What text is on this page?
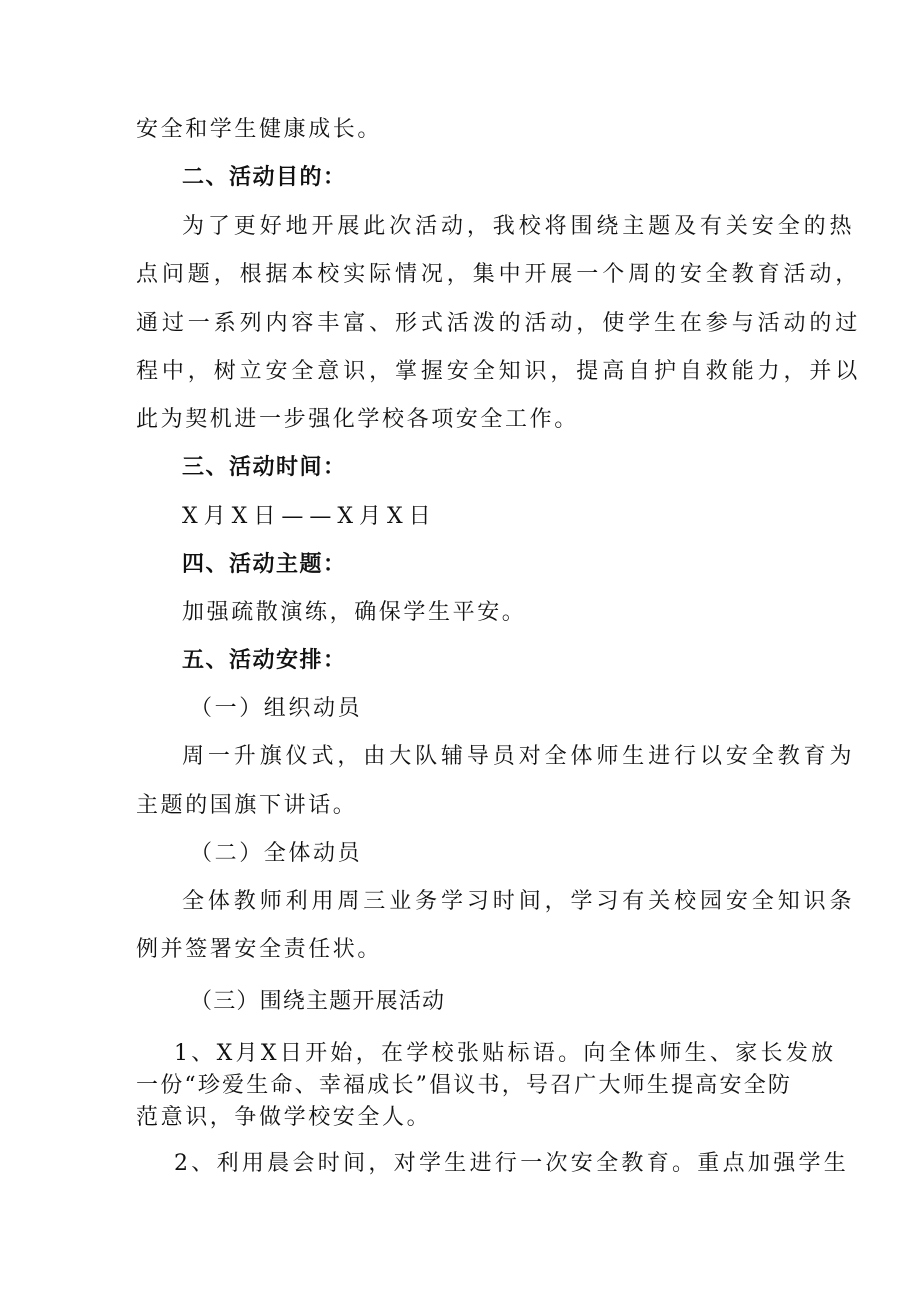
安全和学生健康成长。
二、活动目的：
为了更好地开展此次活动，我校将围绕主题及有关安全的热
点问题，根据本校实际情况，集中开展一个周的安全教育活动，
通过一系列内容丰富、形式活泼的活动，使学生在参与活动的过
程中，树立安全意识，掌握安全知识，提高自护自救能力，并以
此为契机进一步强化学校各项安全工作。
三、活动时间：
X月X日——X月X日
四、活动主题：
加强疏散演练，确保学生平安。
五、活动安排：
（一）组织动员
周一升旗仪式，由大队辅导员对全体师生进行以安全教育为
主题的国旗下讲话。
（二）全体动员
全体教师利用周三业务学习时间，学习有关校园安全知识条
例并签署安全责任状。
（三）围绕主题开展活动
1、X月X日开始，在学校张贴标语。向全体师生、家长发放
一份“珍爱生命、幸福成长”倡议书，号召广大师生提高安全防
范意识，争做学校安全人。
2、利用晨会时间，对学生进行一次安全教育。重点加强学生
